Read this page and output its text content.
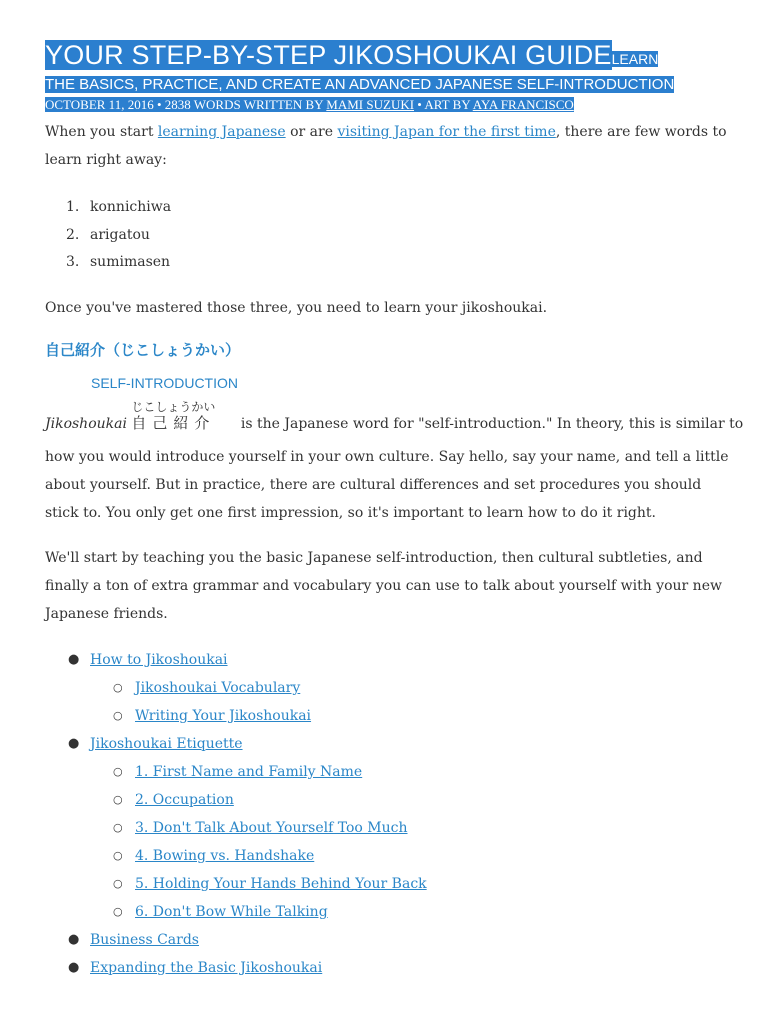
YOUR STEP-BY-STEP JIKOSHOUKAI GUIDELEARN
THE BASICS, PRACTICE, AND CREATE AN ADVANCED JAPANESE SELF-INTRODUCTION
OCTOBER 11, 2016 • 2838 WORDS WRITTEN BY MAMI SUZUKI • ART BY AYA FRANCISCO
When you start learning Japanese or are visiting Japan for the first time, there are few words to learn right away:
1. konnichiwa
2. arigatou
3. sumimasen
Once you've mastered those three, you need to learn your jikoshoukai.
自己紹介（じこしょうかい）
SELF-INTRODUCTION
Jikoshoukai
じこしょうかい
自己紹介 is the Japanese word for "self-introduction." In theory, this is similar to
how you would introduce yourself in your own culture. Say hello, say your name, and tell a little about yourself. But in practice, there are cultural differences and set procedures you should stick to. You only get one first impression, so it's important to learn how to do it right.
We'll start by teaching you the basic Japanese self-introduction, then cultural subtleties, and finally a ton of extra grammar and vocabulary you can use to talk about yourself with your new Japanese friends.
● How to Jikoshoukai
○ Jikoshoukai Vocabulary
○ Writing Your Jikoshoukai
● Jikoshoukai Etiquette
○ 1. First Name and Family Name
○ 2. Occupation
○ 3. Don't Talk About Yourself Too Much
○ 4. Bowing vs. Handshake
○ 5. Holding Your Hands Behind Your Back
○ 6. Don't Bow While Talking
● Business Cards
● Expanding the Basic Jikoshoukai
